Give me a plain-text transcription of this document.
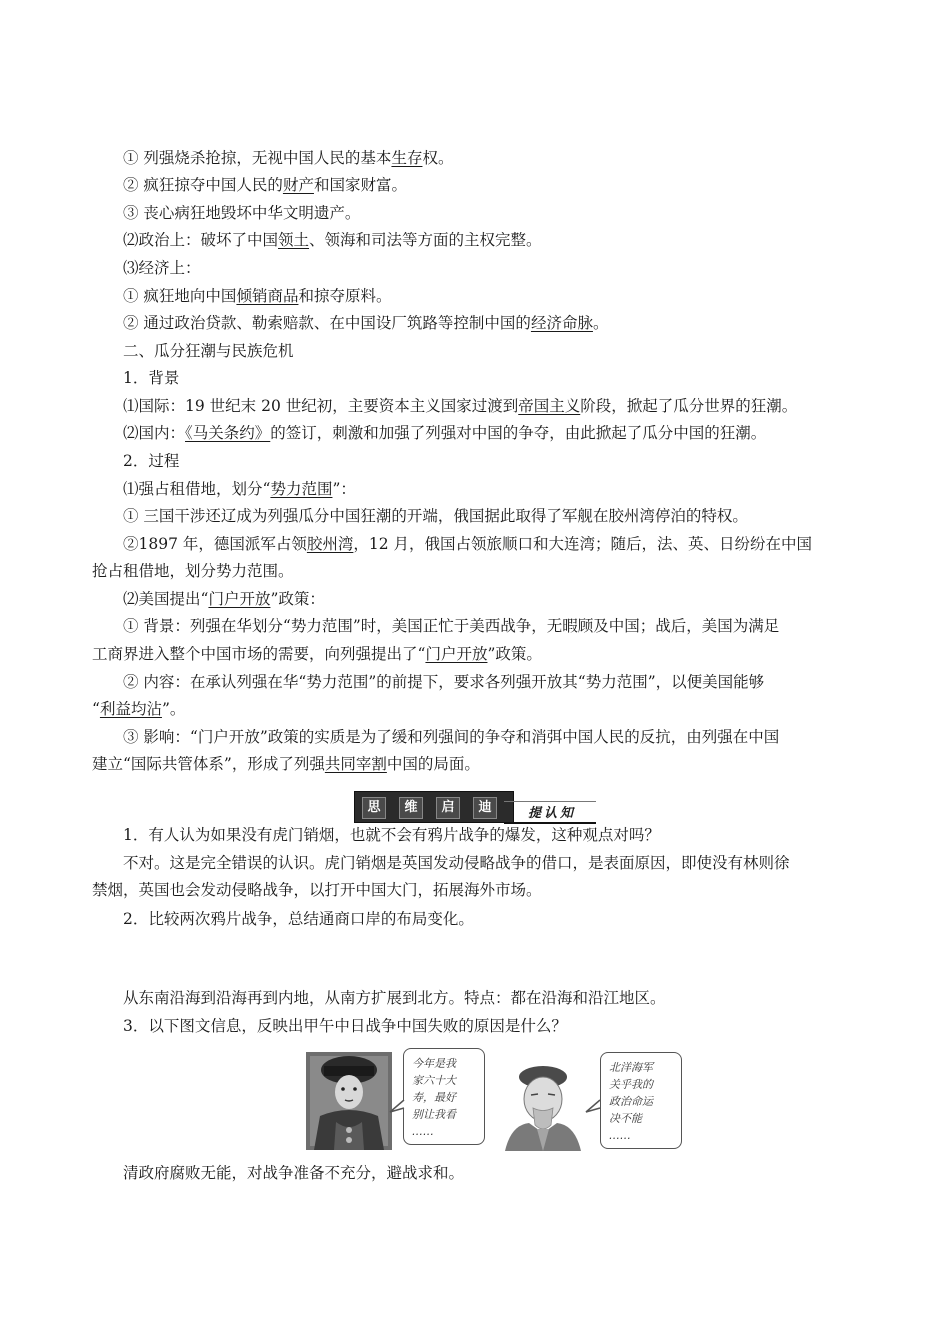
① 列强烧杀抢掠，无视中国人民的基本生存权。
② 疯狂掠夺中国人民的财产和国家财富。
③ 丧心病狂地毁坏中华文明遗产。
⑵政治上：破坏了中国领土、领海和司法等方面的主权完整。
⑶经济上：
① 疯狂地向中国倾销商品和掠夺原料。
② 通过政治贷款、勒索赔款、在中国设厂筑路等控制中国的经济命脉。
二、瓜分狂潮与民族危机
1．背景
⑴国际：19 世纪末 20 世纪初，主要资本主义国家过渡到帝国主义阶段，掀起了瓜分世界的狂潮。
⑵国内：《马关条约》的签订，刺激和加强了列强对中国的争夺，由此掀起了瓜分中国的狂潮。
2．过程
⑴强占租借地，划分“势力范围”：
① 三国干涉还辽成为列强瓜分中国狂潮的开端，俄国据此取得了军舰在胶州湾停泊的特权。
②1897 年，德国派军占领胶州湾，12 月，俄国占领旅顺口和大连湾；随后，法、英、日纷纷在中国
抢占租借地，划分势力范围。
⑵美国提出“门户开放”政策：
① 背景：列强在华划分“势力范围”时，美国正忙于美西战争，无暇顾及中国；战后，美国为满足
工商界进入整个中国市场的需要，向列强提出了“门户开放”政策。
② 内容：在承认列强在华“势力范围”的前提下，要求各列强开放其“势力范围”，以便美国能够
“利益均沾”。
③ 影响：“门户开放”政策的实质是为了缓和列强间的争夺和消弭中国人民的反抗，由列强在中国
建立“国际共管体系”，形成了列强共同宰割中国的局面。
1．有人认为如果没有虎门销烟，也就不会有鸦片战争的爆发，这种观点对吗？
不对。这是完全错误的认识。虎门销烟是英国发动侵略战争的借口，是表面原因，即使没有林则徐
禁烟，英国也会发动侵略战争，以打开中国大门，拓展海外市场。
2．比较两次鸦片战争，总结通商口岸的布局变化。
从东南沿海到沿海再到内地，从南方扩展到北方。特点：都在沿海和沿江地区。
3．以下图文信息，反映出甲午中日战争中国失败的原因是什么？
清政府腐败无能，对战争准备不充分，避战求和。
思	维	启	迪	提认知
今年是我
家六十大
寿，最好
别让我看
……
北洋海军
关乎我的
政治命运
决不能
……
